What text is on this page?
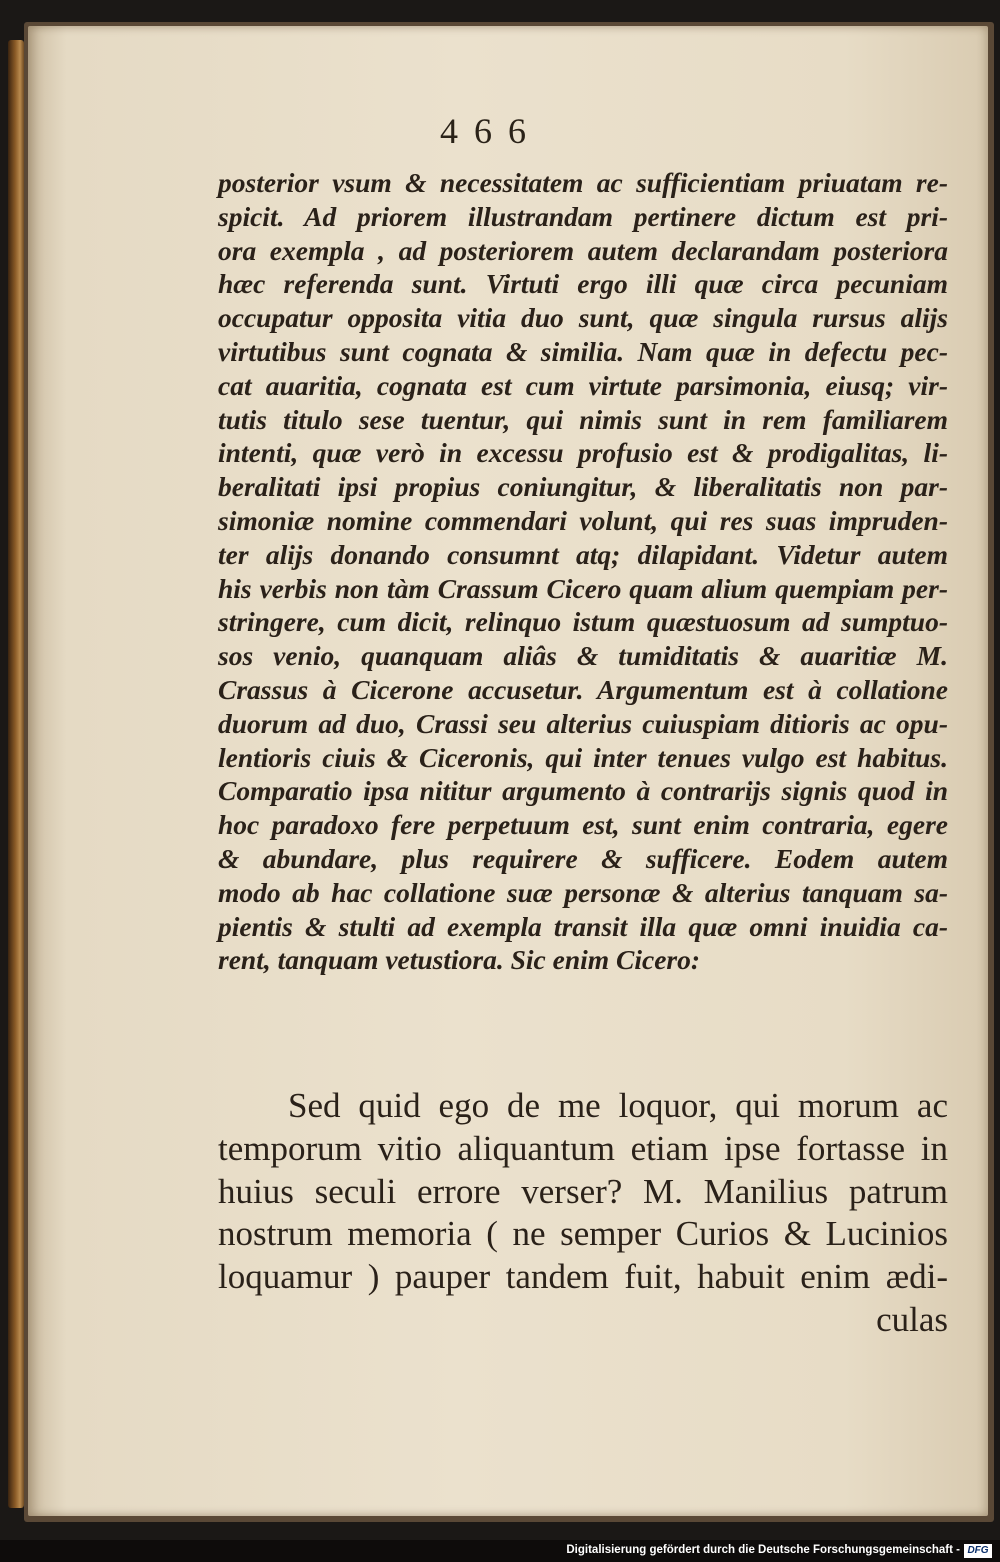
466
posterior vsum & necessitatem ac sufficientiam priuatam re-
spicit. Ad priorem illustrandam pertinere dictum est pri-
ora exempla , ad posteriorem autem declarandam posteriora
hæc referenda sunt. Virtuti ergo illi quæ circa pecuniam
occupatur opposita vitia duo sunt, quæ singula rursus alijs
virtutibus sunt cognata & similia. Nam quæ in defectu pec-
cat auaritia, cognata est cum virtute parsimonia, eiusq; vir-
tutis titulo sese tuentur, qui nimis sunt in rem familiarem
intenti, quæ verò in excessu profusio est & prodigalitas, li-
beralitati ipsi propius coniungitur, & liberalitatis non par-
simoniæ nomine commendari volunt, qui res suas impruden-
ter alijs donando consumnt atq; dilapidant. Videtur autem
his verbis non tàm Crassum Cicero quam alium quempiam per-
stringere, cum dicit, relinquo istum quæstuosum ad sumptuo-
sos venio, quanquam aliâs & tumiditatis & auaritiæ M.
Crassus à Cicerone accusetur. Argumentum est à collatione
duorum ad duo, Crassi seu alterius cuiuspiam ditioris ac opu-
lentioris ciuis & Ciceronis, qui inter tenues vulgo est habitus.
Comparatio ipsa nititur argumento à contrarijs signis quod in
hoc paradoxo fere perpetuum est, sunt enim contraria, egere
& abundare, plus requirere & sufficere. Eodem autem
modo ab hac collatione suæ personæ & alterius tanquam sa-
pientis & stulti ad exempla transit illa quæ omni inuidia ca-
rent, tanquam vetustiora. Sic enim Cicero:
Sed quid ego de me loquor, qui morum ac
temporum vitio aliquantum etiam ipse fortasse in
huius seculi errore verser? M. Manilius patrum
nostrum memoria ( ne semper Curios & Lucinios
loquamur ) pauper tandem fuit, habuit enim ædi-
culas
Digitalisierung gefördert durch die Deutsche Forschungsgemeinschaft - DFG
